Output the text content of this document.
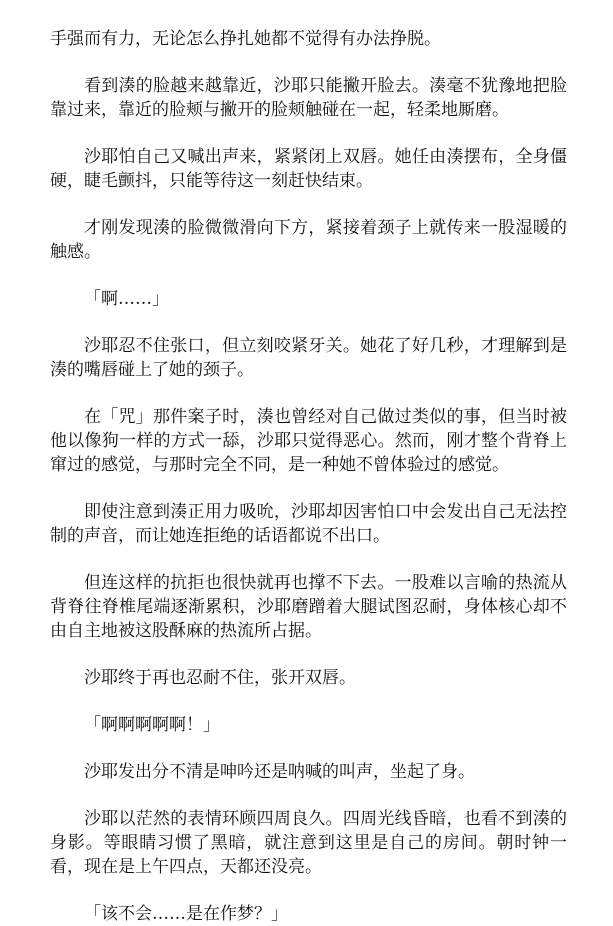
手强而有力，无论怎么挣扎她都不觉得有办法挣脱。

看到湊的脸越来越靠近，沙耶只能撇开脸去。湊毫不犹豫地把脸靠过来，靠近的脸颊与撇开的脸颊触碰在一起，轻柔地厮磨。

沙耶怕自己又喊出声来，紧紧闭上双唇。她任由湊摆布，全身僵硬，睫毛颤抖，只能等待这一刻赶快结束。

才刚发现湊的脸微微滑向下方，紧接着颈子上就传来一股湿暖的触感。

「啊……」

沙耶忍不住张口，但立刻咬紧牙关。她花了好几秒，才理解到是湊的嘴唇碰上了她的颈子。

在「咒」那件案子时，湊也曾经对自己做过类似的事，但当时被他以像狗一样的方式一舔，沙耶只觉得恶心。然而，刚才整个背脊上窜过的感觉，与那时完全不同，是一种她不曾体验过的感觉。

即使注意到湊正用力吸吮，沙耶却因害怕口中会发出自己无法控制的声音，而让她连拒绝的话语都说不出口。

但连这样的抗拒也很快就再也撑不下去。一股难以言喻的热流从背脊往脊椎尾端逐渐累积，沙耶磨蹭着大腿试图忍耐，身体核心却不由自主地被这股酥麻的热流所占据。

沙耶终于再也忍耐不住，张开双唇。

「啊啊啊啊啊！」

沙耶发出分不清是呻吟还是呐喊的叫声，坐起了身。

沙耶以茫然的表情环顾四周良久。四周光线昏暗，也看不到湊的身影。等眼睛习惯了黑暗，就注意到这里是自己的房间。朝时钟一看，现在是上午四点，天都还没亮。

「该不会……是在作梦？」
